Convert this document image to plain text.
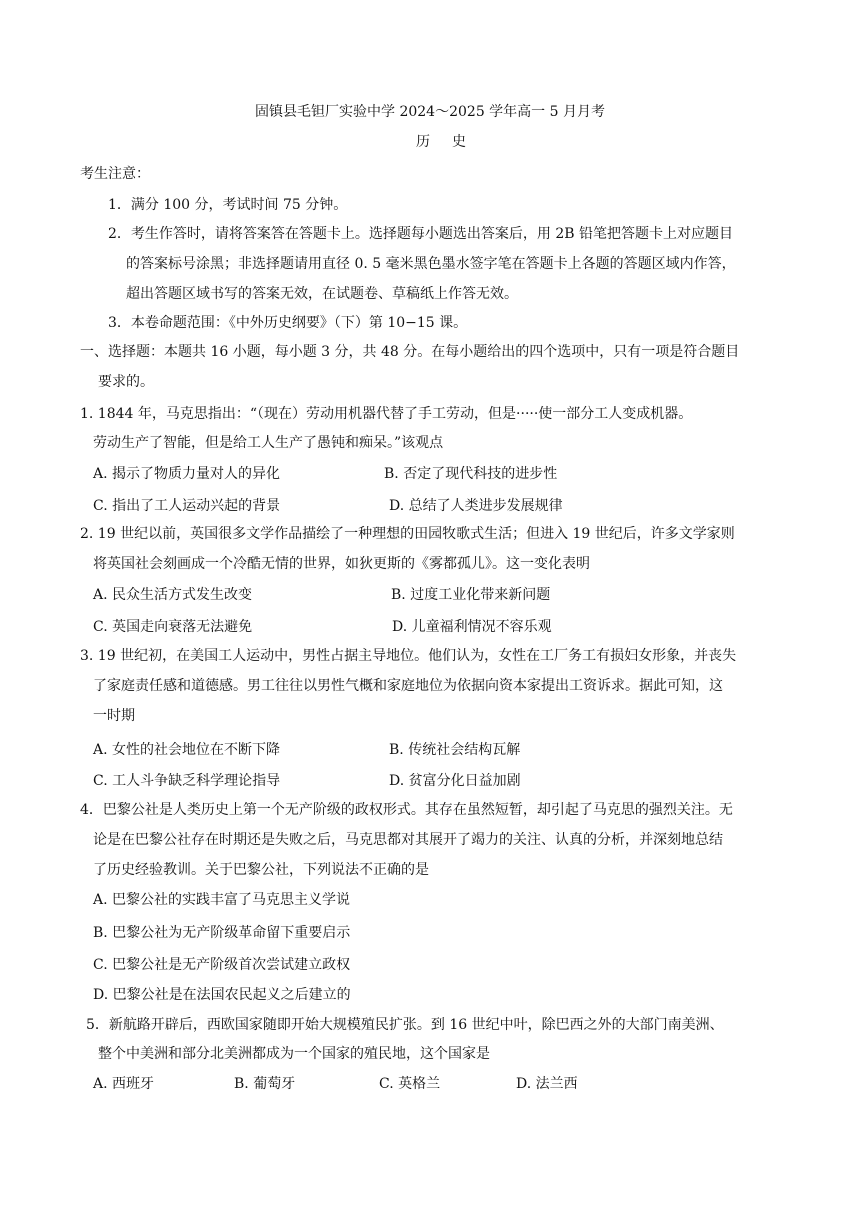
固镇县毛钽厂实验中学 2024～2025 学年高一 5 月月考
历史
考生注意：
1．满分 100 分，考试时间 75 分钟。
2．考生作答时，请将答案答在答题卡上。选择题每小题选出答案后，用 2B 铅笔把答题卡上对应题目
的答案标号涂黑；非选择题请用直径 0. 5 毫米黑色墨水签字笔在答题卡上各题的答题区域内作答，
超出答题区域书写的答案无效，在试题卷、草稿纸上作答无效。
3．本卷命题范围：《中外历史纲要》（下）第 10−15 课。
一、选择题：本题共 16 小题，每小题 3 分，共 48 分。在每小题给出的四个选项中，只有一项是符合题目
要求的。
1. 1844 年，马克思指出：“（现在）劳动用机器代替了手工劳动，但是·····使一部分工人变成机器。
劳动生产了智能，但是给工人生产了愚钝和痴呆。”该观点
A. 揭示了物质力量对人的异化	B. 否定了现代科技的进步性
C. 指出了工人运动兴起的背景	D. 总结了人类进步发展规律
2. 19 世纪以前，英国很多文学作品描绘了一种理想的田园牧歌式生活；但进入 19 世纪后，许多文学家则
将英国社会刻画成一个冷酷无情的世界，如狄更斯的《雾都孤儿》。这一变化表明
A. 民众生活方式发生改变	B. 过度工业化带来新问题
C. 英国走向衰落无法避免	D. 儿童福利情况不容乐观
3. 19 世纪初，在美国工人运动中，男性占据主导地位。他们认为，女性在工厂务工有损妇女形象，并丧失
了家庭责任感和道德感。男工往往以男性气概和家庭地位为依据向资本家提出工资诉求。据此可知，这
一时期
A. 女性的社会地位在不断下降	B. 传统社会结构瓦解
C. 工人斗争缺乏科学理论指导	D. 贫富分化日益加剧
4．巴黎公社是人类历史上第一个无产阶级的政权形式。其存在虽然短暂，却引起了马克思的强烈关注。无
论是在巴黎公社存在时期还是失败之后，马克思都对其展开了竭力的关注、认真的分析，并深刻地总结
了历史经验教训。关于巴黎公社，下列说法不正确的是
A. 巴黎公社的实践丰富了马克思主义学说
B. 巴黎公社为无产阶级革命留下重要启示
C. 巴黎公社是无产阶级首次尝试建立政权
D. 巴黎公社是在法国农民起义之后建立的
5．新航路开辟后，西欧国家随即开始大规模殖民扩张。到 16 世纪中叶，除巴西之外的大部门南美洲、
整个中美洲和部分北美洲都成为一个国家的殖民地，这个国家是
A. 西班牙	B. 葡萄牙	C. 英格兰	D. 法兰西
